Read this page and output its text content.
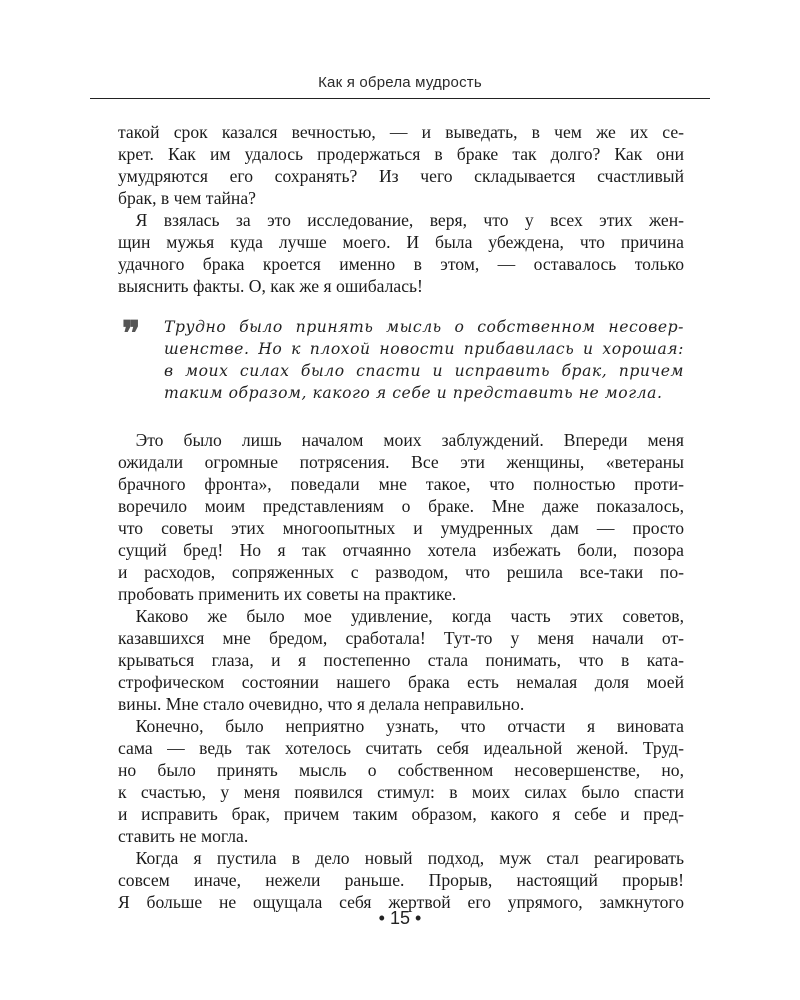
Как я обрела мудрость
такой срок казался вечностью, — и выведать, в чем же их се-
крет. Как им удалось продержаться в браке так долго? Как они
умудряются его сохранять? Из чего складывается счастливый
брак, в чем тайна?
 Я взялась за это исследование, веря, что у всех этих жен-
щин мужья куда лучше моего. И была убеждена, что причина
удачного брака кроется именно в этом, — оставалось только
выяснить факты. О, как же я ошибалась!
❞ Трудно было принять мысль о собственном несовер-
шенстве. Но к плохой новости прибавилась и хорошая:
в моих силах было спасти и исправить брак, причем
таким образом, какого я себе и представить не могла.
 Это было лишь началом моих заблуждений. Впереди меня
ожидали огромные потрясения. Все эти женщины, «ветераны
брачного фронта», поведали мне такое, что полностью проти-
воречило моим представлениям о браке. Мне даже показалось,
что советы этих многоопытных и умудренных дам — просто
сущий бред! Но я так отчаянно хотела избежать боли, позора
и расходов, сопряженных с разводом, что решила все-таки по-
пробовать применить их советы на практике.
 Каково же было мое удивление, когда часть этих советов,
казавшихся мне бредом, сработала! Тут-то у меня начали от-
крываться глаза, и я постепенно стала понимать, что в ката-
строфическом состоянии нашего брака есть немалая доля моей
вины. Мне стало очевидно, что я делала неправильно.
 Конечно, было неприятно узнать, что отчасти я виновата
сама — ведь так хотелось считать себя идеальной женой. Труд-
но было принять мысль о собственном несовершенстве, но,
к счастью, у меня появился стимул: в моих силах было спасти
и исправить брак, причем таким образом, какого я себе и пред-
ставить не могла.
 Когда я пустила в дело новый подход, муж стал реагировать
совсем иначе, нежели раньше. Прорыв, настоящий прорыв!
Я больше не ощущала себя жертвой его упрямого, замкнутого
• 15 •
